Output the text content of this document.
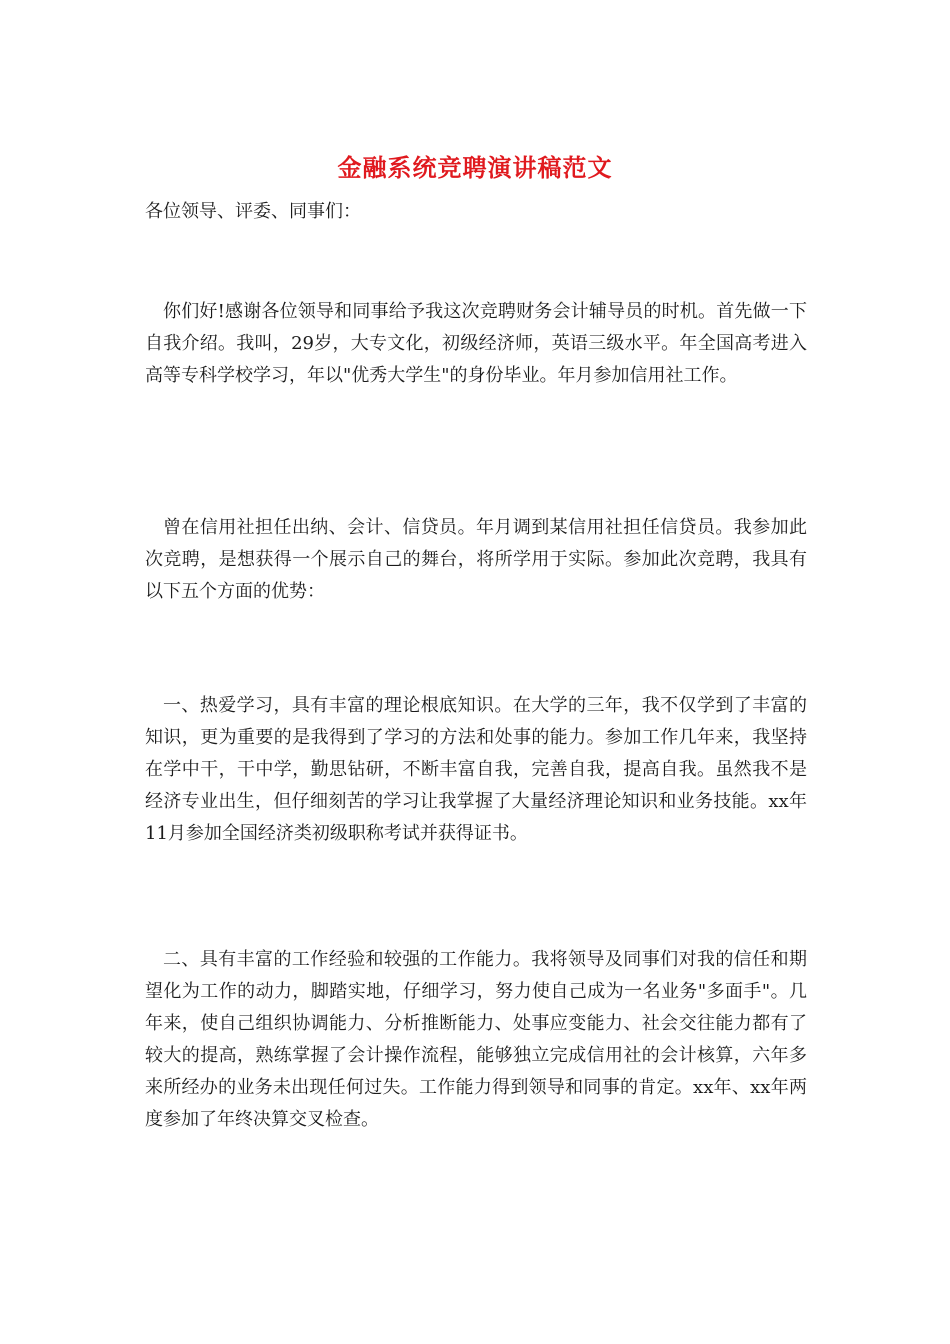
金融系统竞聘演讲稿范文
各位领导、评委、同事们：
你们好!感谢各位领导和同事给予我这次竞聘财务会计辅导员的时机。首先做一下自我介绍。我叫，29岁，大专文化，初级经济师，英语三级水平。年全国高考进入高等专科学校学习，年以"优秀大学生"的身份毕业。年月参加信用社工作。
曾在信用社担任出纳、会计、信贷员。年月调到某信用社担任信贷员。我参加此次竞聘，是想获得一个展示自己的舞台，将所学用于实际。参加此次竞聘，我具有以下五个方面的优势：
一、热爱学习，具有丰富的理论根底知识。在大学的三年，我不仅学到了丰富的知识，更为重要的是我得到了学习的方法和处事的能力。参加工作几年来，我坚持在学中干，干中学，勤思钻研，不断丰富自我，完善自我，提高自我。虽然我不是经济专业出生，但仔细刻苦的学习让我掌握了大量经济理论知识和业务技能。xx年11月参加全国经济类初级职称考试并获得证书。
二、具有丰富的工作经验和较强的工作能力。我将领导及同事们对我的信任和期望化为工作的动力，脚踏实地，仔细学习，努力使自己成为一名业务"多面手"。几年来，使自己组织协调能力、分析推断能力、处事应变能力、社会交往能力都有了较大的提高，熟练掌握了会计操作流程，能够独立完成信用社的会计核算，六年多来所经办的业务未出现任何过失。工作能力得到领导和同事的肯定。xx年、xx年两度参加了年终决算交叉检查。
